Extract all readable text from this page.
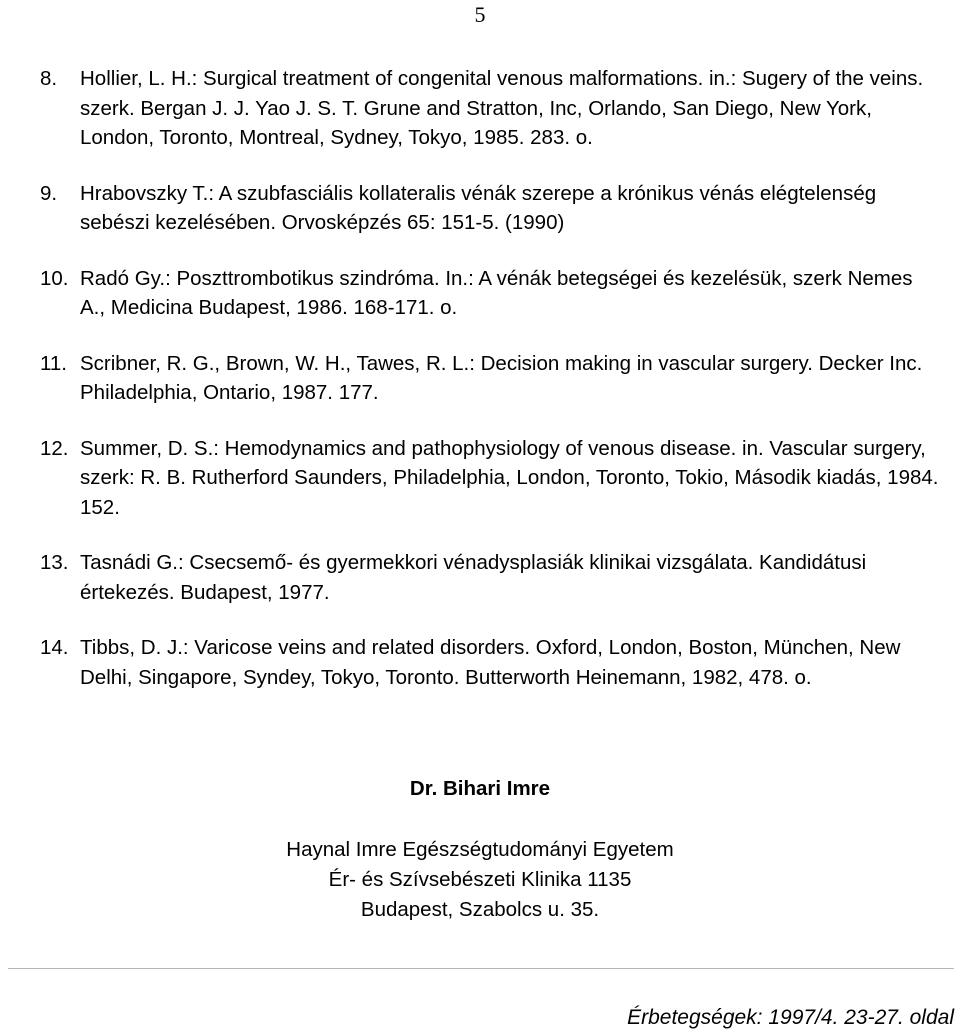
5
8.	Hollier, L. H.: Surgical treatment of congenital venous malformations. in.: Sugery of the veins. szerk. Bergan J. J. Yao J. S. T. Grune and Stratton, Inc, Orlando, San Diego, New York, London, Toronto, Montreal, Sydney, Tokyo, 1985. 283. o.
9.	Hrabovszky T.: A szubfasciális kollateralis vénák szerepe a krónikus vénás elégtelenség sebészi kezelésében. Orvosképzés 65: 151-5. (1990)
10. Radó Gy.: Poszttrombotikus szindróma. In.: A vénák betegségei és kezelésük, szerk Nemes A., Medicina Budapest, 1986. 168-171. o.
11. Scribner, R. G., Brown, W. H., Tawes, R. L.: Decision making in vascular surgery. Decker Inc. Philadelphia, Ontario, 1987. 177.
12. Summer, D. S.: Hemodynamics and pathophysiology of venous disease. in. Vascular surgery, szerk: R. B. Rutherford Saunders, Philadelphia, London, Toronto, Tokio, Második kiadás, 1984. 152.
13. Tasnádi G.: Csecsemő- és gyermekkori vénadysplasiák klinikai vizsgálata. Kandidátusi értekezés. Budapest, 1977.
14. Tibbs, D. J.: Varicose veins and related disorders. Oxford, London, Boston, München, New Delhi, Singapore, Syndey, Tokyo, Toronto. Butterworth Heinemann, 1982, 478. o.
Dr. Bihari Imre
Haynal Imre Egészségtudományi Egyetem
Ér- és Szívsebészeti Klinika 1135
Budapest, Szabolcs u. 35.
Érbetegségek: 1997/4. 23-27. oldal
